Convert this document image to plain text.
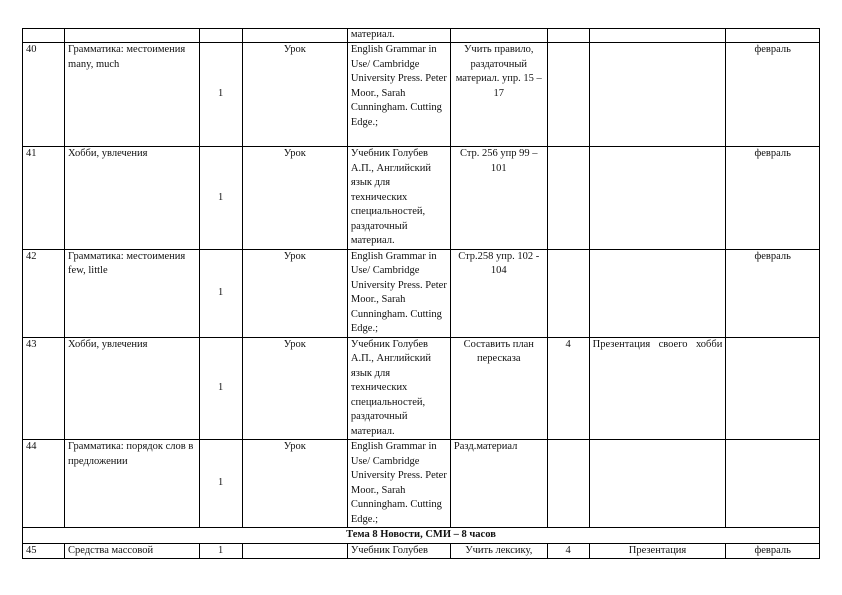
				материал.				
40	Грамматика: местоимения many, much	1	Урок	English Grammar in Use/ Cambridge University Press. Peter Moor., Sarah Cunningham. Cutting Edge.;	Учить правило, раздаточный материал. упр. 15 – 17			февраль
41	Хобби, увлечения	1	Урок	Учебник Голубев А.П., Английский язык для технических специальностей, раздаточный материал.	Стр. 256 упр 99 – 101			февраль
42	Грамматика: местоимения few, little	1	Урок	English Grammar in Use/ Cambridge University Press. Peter Moor., Sarah Cunningham. Cutting Edge.;	Стр.258 упр. 102 - 104			февраль
43	Хобби, увлечения	1	Урок	Учебник Голубев А.П., Английский язык для технических специальностей, раздаточный материал.	Составить план пересказа	4	Презентация своего хобби	
44	Грамматика: порядок слов в предложении	1	Урок	English Grammar in Use/ Cambridge University Press. Peter Moor., Sarah Cunningham. Cutting Edge.;	Разд.материал			
Тема 8 Новости, СМИ – 8 часов								
45	Средства массовой	1		Учебник Голубев	Учить лексику,	4	Презентация	февраль
